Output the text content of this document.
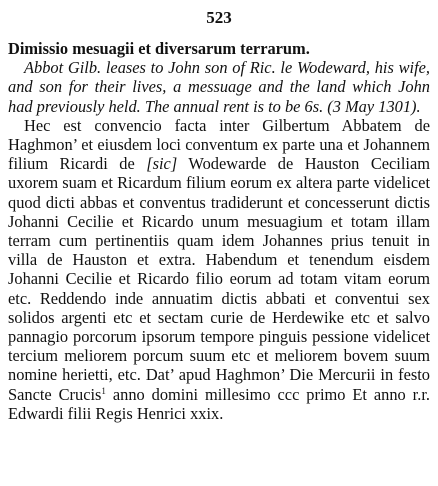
523

Dimissio mesuagii et diversarum terrarum.

Abbot Gilb. leases to John son of Ric. le Wodeward, his wife, and son for their lives, a messuage and the land which John had previously held. The annual rent is to be 6s. (3 May 1301).

Hec est convencio facta inter Gilbertum Abbatem de Haghmon’ et eiusdem loci conventum ex parte una et Johannem filium Ricardi de [sic] Wodewarde de Hauston Ceciliam uxorem suam et Ricardum filium eorum ex altera parte videlicet quod dicti abbas et conventus tradiderunt et concesserunt dictis Johanni Cecilie et Ricardo unum mesuagium et totam illam terram cum pertinentiis quam idem Johannes prius tenuit in villa de Hauston et extra. Habendum et tenendum eisdem Johanni Cecilie et Ricardo filio eorum ad totam vitam eorum etc. Reddendo inde annuatim dictis abbati et conventui sex solidos argenti etc et sectam curie de Herdewike etc et salvo pannagio porcorum ipsorum tempore pinguis pessione videlicet tercium meliorem porcum suum etc et meliorem bovem suum nomine herietti, etc. Dat’ apud Haghmon’ Die Mercurii in festo Sancte Crucis$^1$ anno domini millesimo ccc primo Et anno r.r. Edwardi filii Regis Henrici xxix.
